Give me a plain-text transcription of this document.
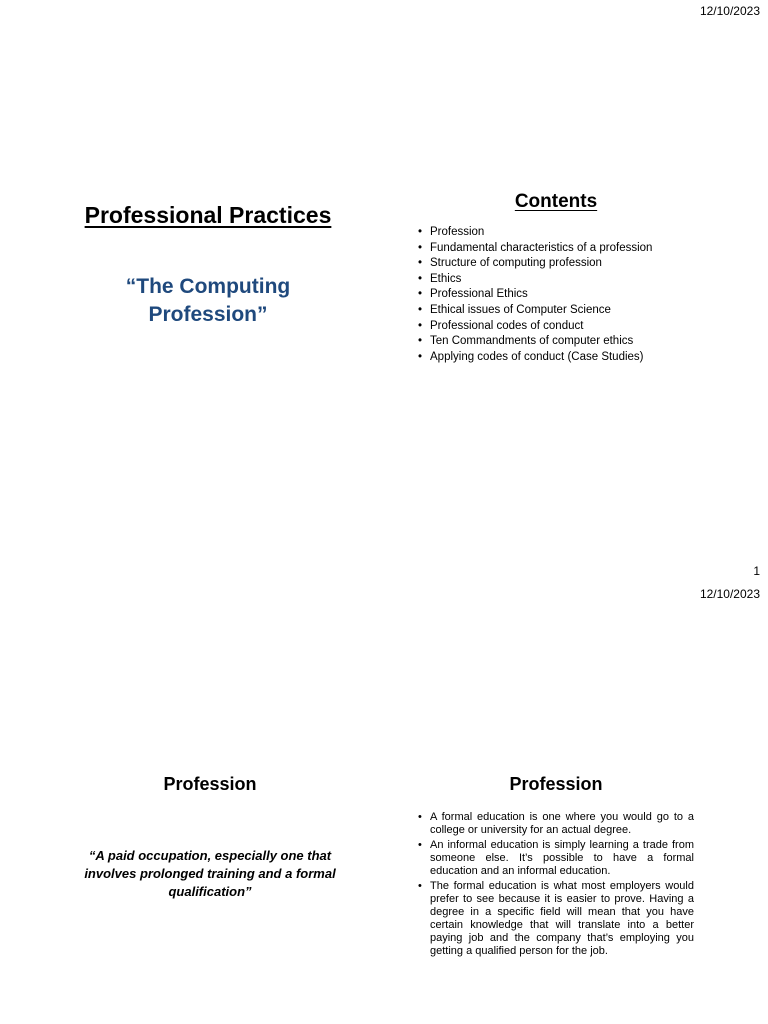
12/10/2023
Professional Practices
“The Computing Profession”
Contents
• Profession
• Fundamental characteristics of a profession
• Structure of computing profession
• Ethics
• Professional Ethics
• Ethical issues of Computer Science
• Professional codes of conduct
• Ten Commandments of computer ethics
• Applying codes of conduct (Case Studies)
1
12/10/2023
Profession
“A paid occupation, especially one that involves prolonged training and a formal qualification”
Profession
• A formal education is one where you would go to a college or university for an actual degree.
• An informal education is simply learning a trade from someone else. It’s possible to have a formal education and an informal education.
• The formal education is what most employers would prefer to see because it is easier to prove. Having a degree in a specific field will mean that you have certain knowledge that will translate into a better paying job and the company that’s employing you getting a qualified person for the job.
